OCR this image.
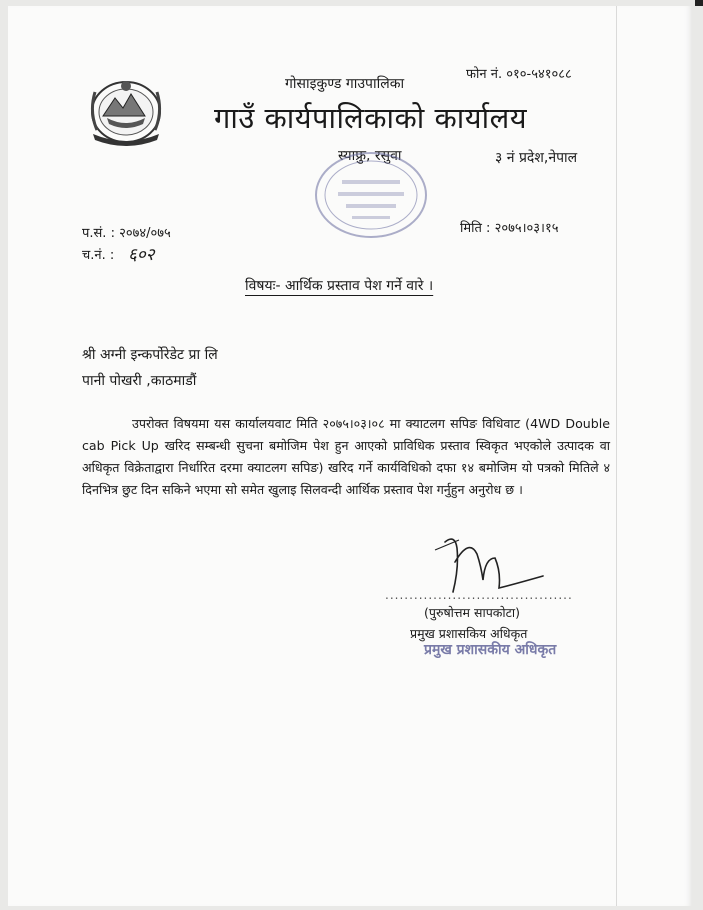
गोसाइकुण्ड गाउपालिका
फोन नं. ०१०-५४१०८८
गाउँ कार्यपालिकाको कार्यालय
स्याफ्रु, रसुवा	३ नं प्रदेश,नेपाल
प.सं. : २०७४/०७५
च.नं. : ६०२
मिति : २०७५।०३।१५
विषयः- आर्थिक प्रस्ताव पेश गर्ने वारे ।
श्री अग्नी इन्कर्पोरेडेट प्रा लि
पानी पोखरी ,काठमाडौं
उपरोक्त विषयमा यस कार्यालयवाट मिति २०७५।०३।०८ मा क्याटलग सपिङ विधिवाट (4WD Double cab Pick Up खरिद सम्बन्धी सुचना बमोजिम पेश हुन आएको प्राविधिक प्रस्ताव स्विकृत भएकोले उत्पादक वा अधिकृत विक्रेताद्वारा निर्धारित दरमा क्याटलग सपिङ) खरिद गर्ने कार्यविधिको दफा १४ बमोजिम यो पत्रको मितिले ४ दिनभित्र छुट दिन सकिने भएमा सो समेत खुलाइ सिलवन्दी आर्थिक प्रस्ताव पेश गर्नुहुन अनुरोध छ ।
.......................................
(पुरुषोत्तम सापकोटा)
प्रमुख प्रशासकिय अधिकृत
प्रमुख प्रशासकीय अधिकृत
